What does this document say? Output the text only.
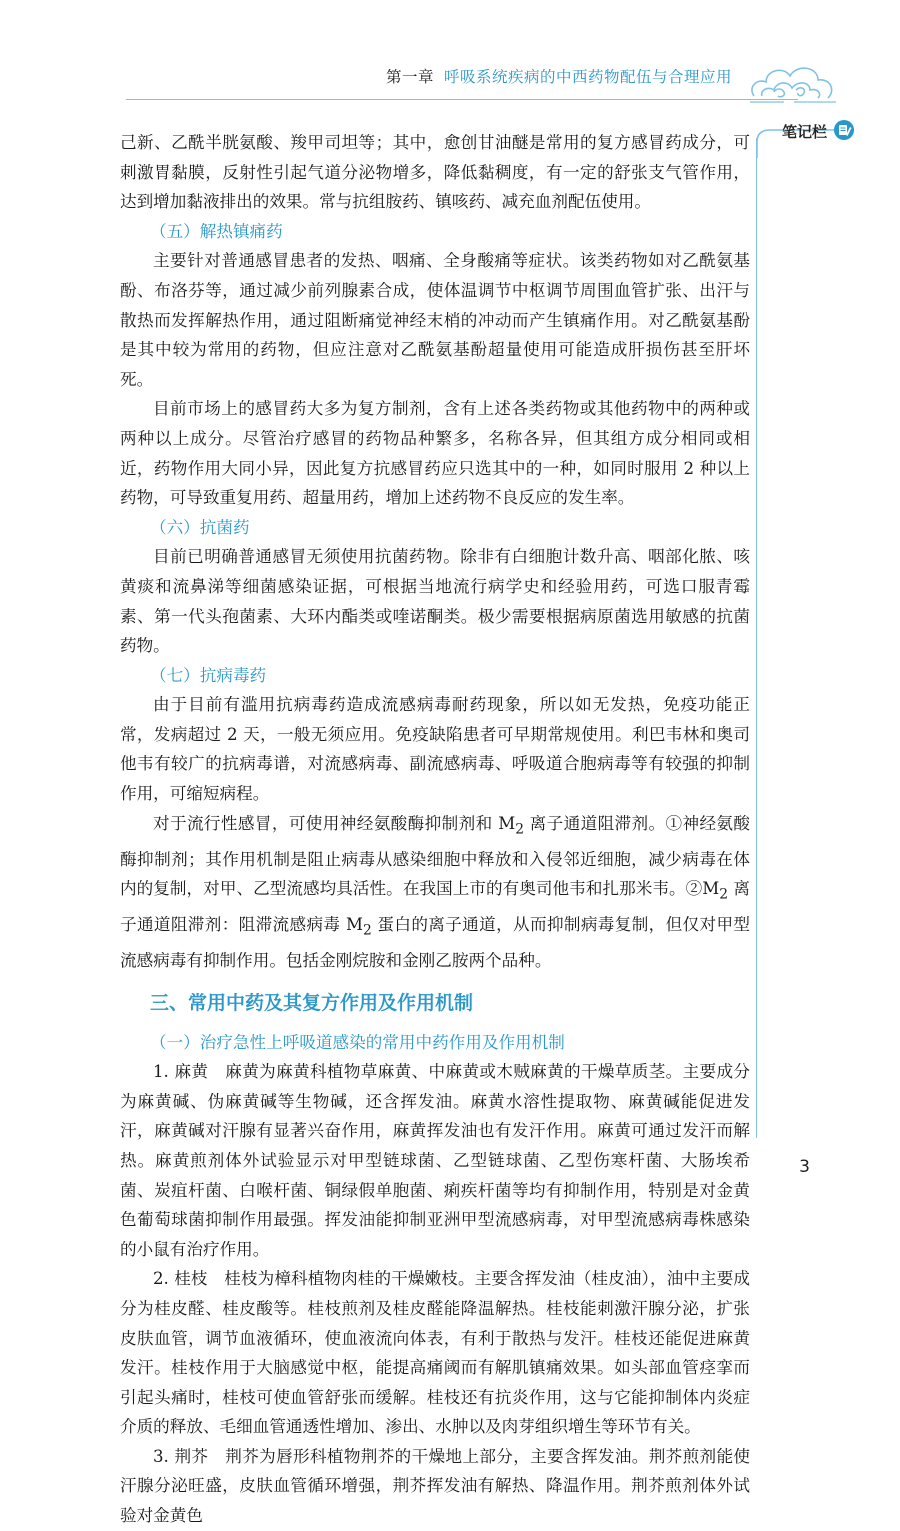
第一章 呼吸系统疾病的中西药物配伍与合理应用
笔记栏

己新、乙酰半胱氨酸、羧甲司坦等；其中，愈创甘油醚是常用的复方感冒药成分，可刺激胃黏膜，反射性引起气道分泌物增多，降低黏稠度，有一定的舒张支气管作用，达到增加黏液排出的效果。常与抗组胺药、镇咳药、减充血剂配伍使用。

（五）解热镇痛药

主要针对普通感冒患者的发热、咽痛、全身酸痛等症状。该类药物如对乙酰氨基酚、布洛芬等，通过减少前列腺素合成，使体温调节中枢调节周围血管扩张、出汗与散热而发挥解热作用，通过阻断痛觉神经末梢的冲动而产生镇痛作用。对乙酰氨基酚是其中较为常用的药物，但应注意对乙酰氨基酚超量使用可能造成肝损伤甚至肝坏死。

目前市场上的感冒药大多为复方制剂，含有上述各类药物或其他药物中的两种或两种以上成分。尽管治疗感冒的药物品种繁多，名称各异，但其组方成分相同或相近，药物作用大同小异，因此复方抗感冒药应只选其中的一种，如同时服用 2 种以上药物，可导致重复用药、超量用药，增加上述药物不良反应的发生率。

（六）抗菌药

目前已明确普通感冒无须使用抗菌药物。除非有白细胞计数升高、咽部化脓、咳黄痰和流鼻涕等细菌感染证据，可根据当地流行病学史和经验用药，可选口服青霉素、第一代头孢菌素、大环内酯类或喹诺酮类。极少需要根据病原菌选用敏感的抗菌药物。

（七）抗病毒药

由于目前有滥用抗病毒药造成流感病毒耐药现象，所以如无发热，免疫功能正常，发病超过 2 天，一般无须应用。免疫缺陷患者可早期常规使用。利巴韦林和奥司他韦有较广的抗病毒谱，对流感病毒、副流感病毒、呼吸道合胞病毒等有较强的抑制作用，可缩短病程。

对于流行性感冒，可使用神经氨酸酶抑制剂和 $M_2$ 离子通道阻滞剂。①神经氨酸酶抑制剂；其作用机制是阻止病毒从感染细胞中释放和入侵邻近细胞，减少病毒在体内的复制，对甲、乙型流感均具活性。在我国上市的有奥司他韦和扎那米韦。$②M_2$ 离子通道阻滞剂：阻滞流感病毒 $M_2$ 蛋白的离子通道，从而抑制病毒复制，但仅对甲型流感病毒有抑制作用。包括金刚烷胺和金刚乙胺两个品种。

三、常用中药及其复方作用及作用机制

（一）治疗急性上呼吸道感染的常用中药作用及作用机制

1. 麻黄　麻黄为麻黄科植物草麻黄、中麻黄或木贼麻黄的干燥草质茎。主要成分为麻黄碱、伪麻黄碱等生物碱，还含挥发油。麻黄水溶性提取物、麻黄碱能促进发汗，麻黄碱对汗腺有显著兴奋作用，麻黄挥发油也有发汗作用。麻黄可通过发汗而解热。麻黄煎剂体外试验显示对甲型链球菌、乙型链球菌、乙型伤寒杆菌、大肠埃希菌、炭疽杆菌、白喉杆菌、铜绿假单胞菌、痢疾杆菌等均有抑制作用，特别是对金黄色葡萄球菌抑制作用最强。挥发油能抑制亚洲甲型流感病毒，对甲型流感病毒株感染的小鼠有治疗作用。

2. 桂枝　桂枝为樟科植物肉桂的干燥嫩枝。主要含挥发油（桂皮油），油中主要成分为桂皮醛、桂皮酸等。桂枝煎剂及桂皮醛能降温解热。桂枝能刺激汗腺分泌，扩张皮肤血管，调节血液循环，使血液流向体表，有利于散热与发汗。桂枝还能促进麻黄发汗。桂枝作用于大脑感觉中枢，能提高痛阈而有解肌镇痛效果。如头部血管痉挛而引起头痛时，桂枝可使血管舒张而缓解。桂枝还有抗炎作用，这与它能抑制体内炎症介质的释放、毛细血管通透性增加、渗出、水肿以及肉芽组织增生等环节有关。

3. 荆芥　荆芥为唇形科植物荆芥的干燥地上部分，主要含挥发油。荆芥煎剂能使汗腺分泌旺盛，皮肤血管循环增强，荆芥挥发油有解热、降温作用。荆芥煎剂体外试验对金黄色

3
